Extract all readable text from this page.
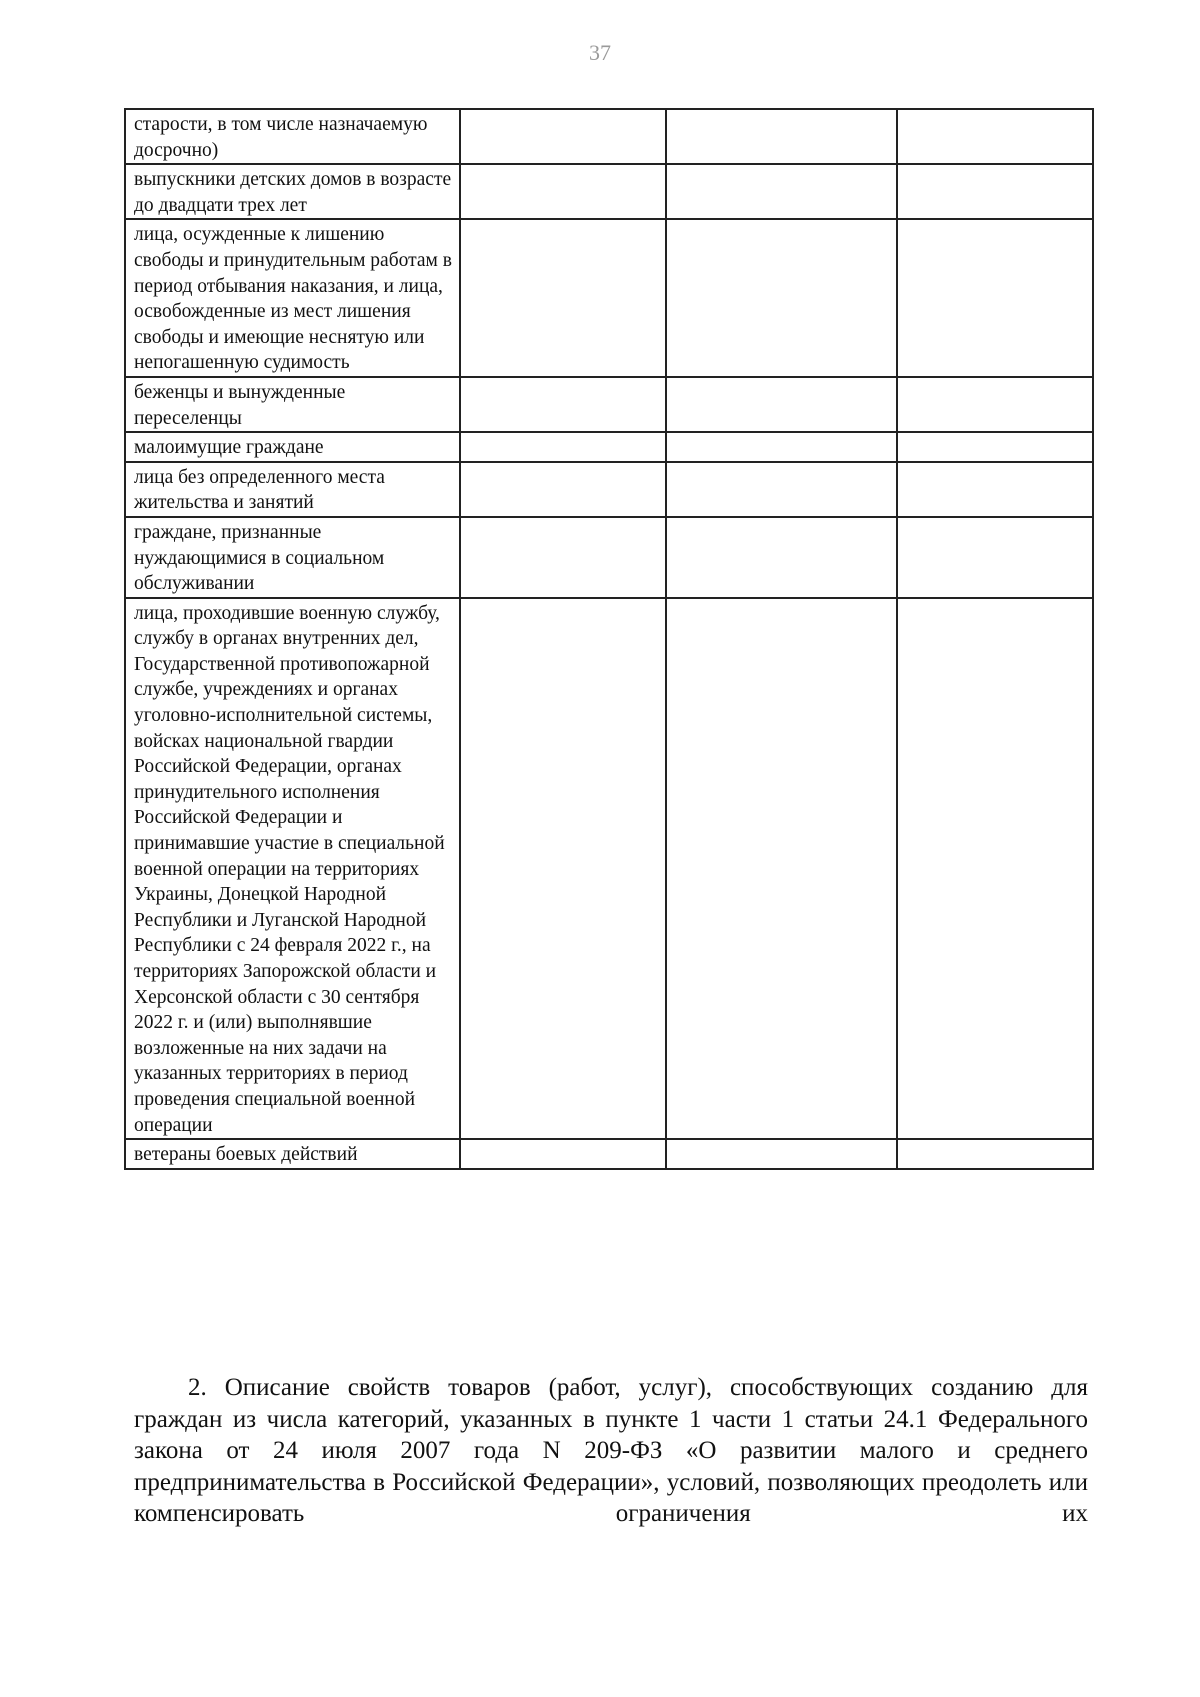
37
старости, в том числе назначаемую досрочно)			
выпускники детских домов в возрасте до двадцати трех лет			
лица, осужденные к лишению свободы и принудительным работам в период отбывания наказания, и лица, освобожденные из мест лишения свободы и имеющие неснятую или непогашенную судимость			
беженцы и вынужденные переселенцы			
малоимущие граждане			
лица без определенного места жительства и занятий			
граждане, признанные нуждающимися в социальном обслуживании			
лица, проходившие военную службу, службу в органах внутренних дел, Государственной противопожарной службе, учреждениях и органах уголовно-исполнительной системы, войсках национальной гвардии Российской Федерации, органах принудительного исполнения Российской Федерации и принимавшие участие в специальной военной операции на территориях Украины, Донецкой Народной Республики и Луганской Народной Республики с 24 февраля 2022 г., на территориях Запорожской области и Херсонской области с 30 сентября 2022 г. и (или) выполнявшие возложенные на них задачи на указанных территориях в период проведения специальной военной операции			
ветераны боевых действий			

2. Описание свойств товаров (работ, услуг), способствующих созданию для граждан из числа категорий, указанных в пункте 1 части 1 статьи 24.1 Федерального закона от 24 июля 2007 года N 209-ФЗ «О развитии малого и среднего предпринимательства в Российской Федерации», условий, позволяющих преодолеть или компенсировать ограничения их
